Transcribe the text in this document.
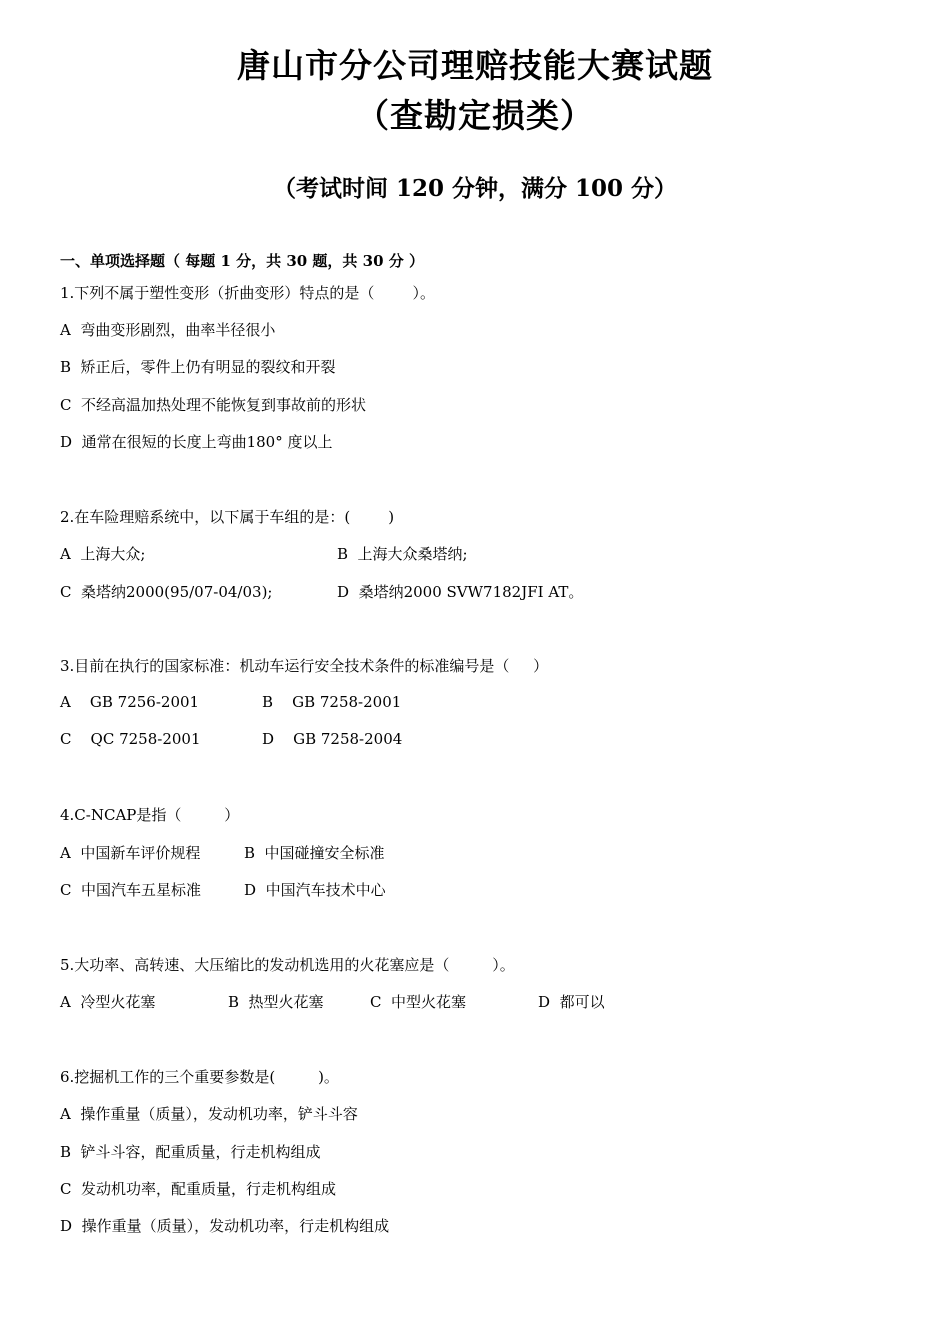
唐山市分公司理赔技能大赛试题
（查勘定损类）
（考试时间 120 分钟，满分 100 分）
一、单项选择题（ 每题 1 分，共 30 题，共 30 分 ）
1.下列不属于塑性变形（折曲变形）特点的是（        ）。
A  弯曲变形剧烈，曲率半径很小
B  矫正后，零件上仍有明显的裂纹和开裂
C  不经高温加热处理不能恢复到事故前的形状
D  通常在很短的长度上弯曲180° 度以上
2.在车险理赔系统中，以下属于车组的是：(        )
A  上海大众;	B  上海大众桑塔纳;
C  桑塔纳2000(95/07-04/03);	D  桑塔纳2000 SVW7182JFI AT。
3.目前在执行的国家标准：机动车运行安全技术条件的标准编号是（     ）
A    GB 7256-2001	B    GB 7258-2001
C    QC 7258-2001	D    GB 7258-2004
4.C-NCAP是指（         ）
A  中国新车评价规程	B  中国碰撞安全标准
C  中国汽车五星标准	D  中国汽车技术中心
5.大功率、高转速、大压缩比的发动机选用的火花塞应是（         ）。
A  冷型火花塞	B  热型火花塞	C  中型火花塞	D  都可以
6.挖掘机工作的三个重要参数是(         )。
A  操作重量（质量），发动机功率，铲斗斗容
B  铲斗斗容，配重质量，行走机构组成
C  发动机功率，配重质量，行走机构组成
D  操作重量（质量），发动机功率，行走机构组成
